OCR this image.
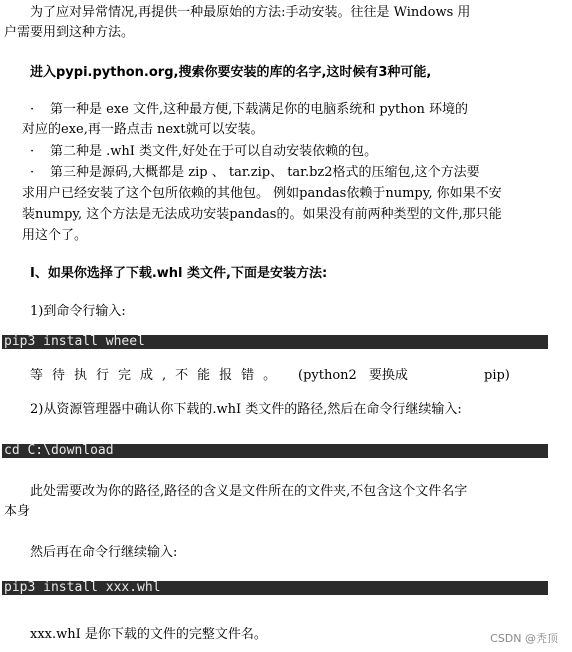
为了应对异常情况,再提供一种最原始的方法:手动安装。往往是 Windows 用
户需要用到这种方法。
进入pypi.python.org,搜索你要安装的库的名字,这时候有3种可能,
· 第一种是 exe 文件,这种最方便,下载满足你的电脑系统和 python 环境的
对应的exe,再一路点击 next就可以安装。
· 第二种是 .whI 类文件,好处在于可以自动安装依赖的包。
· 第三种是源码,大概都是 zip 、 tar.zip、 tar.bz2格式的压缩包,这个方法要
求用户已经安装了这个包所依赖的其他包。 例如pandas依赖于numpy, 你如果不安
装numpy, 这个方法是无法成功安装pandas的。如果没有前两种类型的文件,那只能
用这个了。
Ⅰ、如果你选择了下载.whl 类文件,下面是安装方法:
1)到命令行输入:
pip3 install wheel
等待执行完成,不能报错。 (python2 要换成	pip)
2)从资源管理器中确认你下载的.whI 类文件的路径,然后在命令行继续输入:
cd C:\download
此处需要改为你的路径,路径的含义是文件所在的文件夹,不包含这个文件名字
本身
然后再在命令行继续输入:
pip3 install xxx.whl
xxx.whI 是你下载的文件的完整文件名。	CSDN @秃顶
